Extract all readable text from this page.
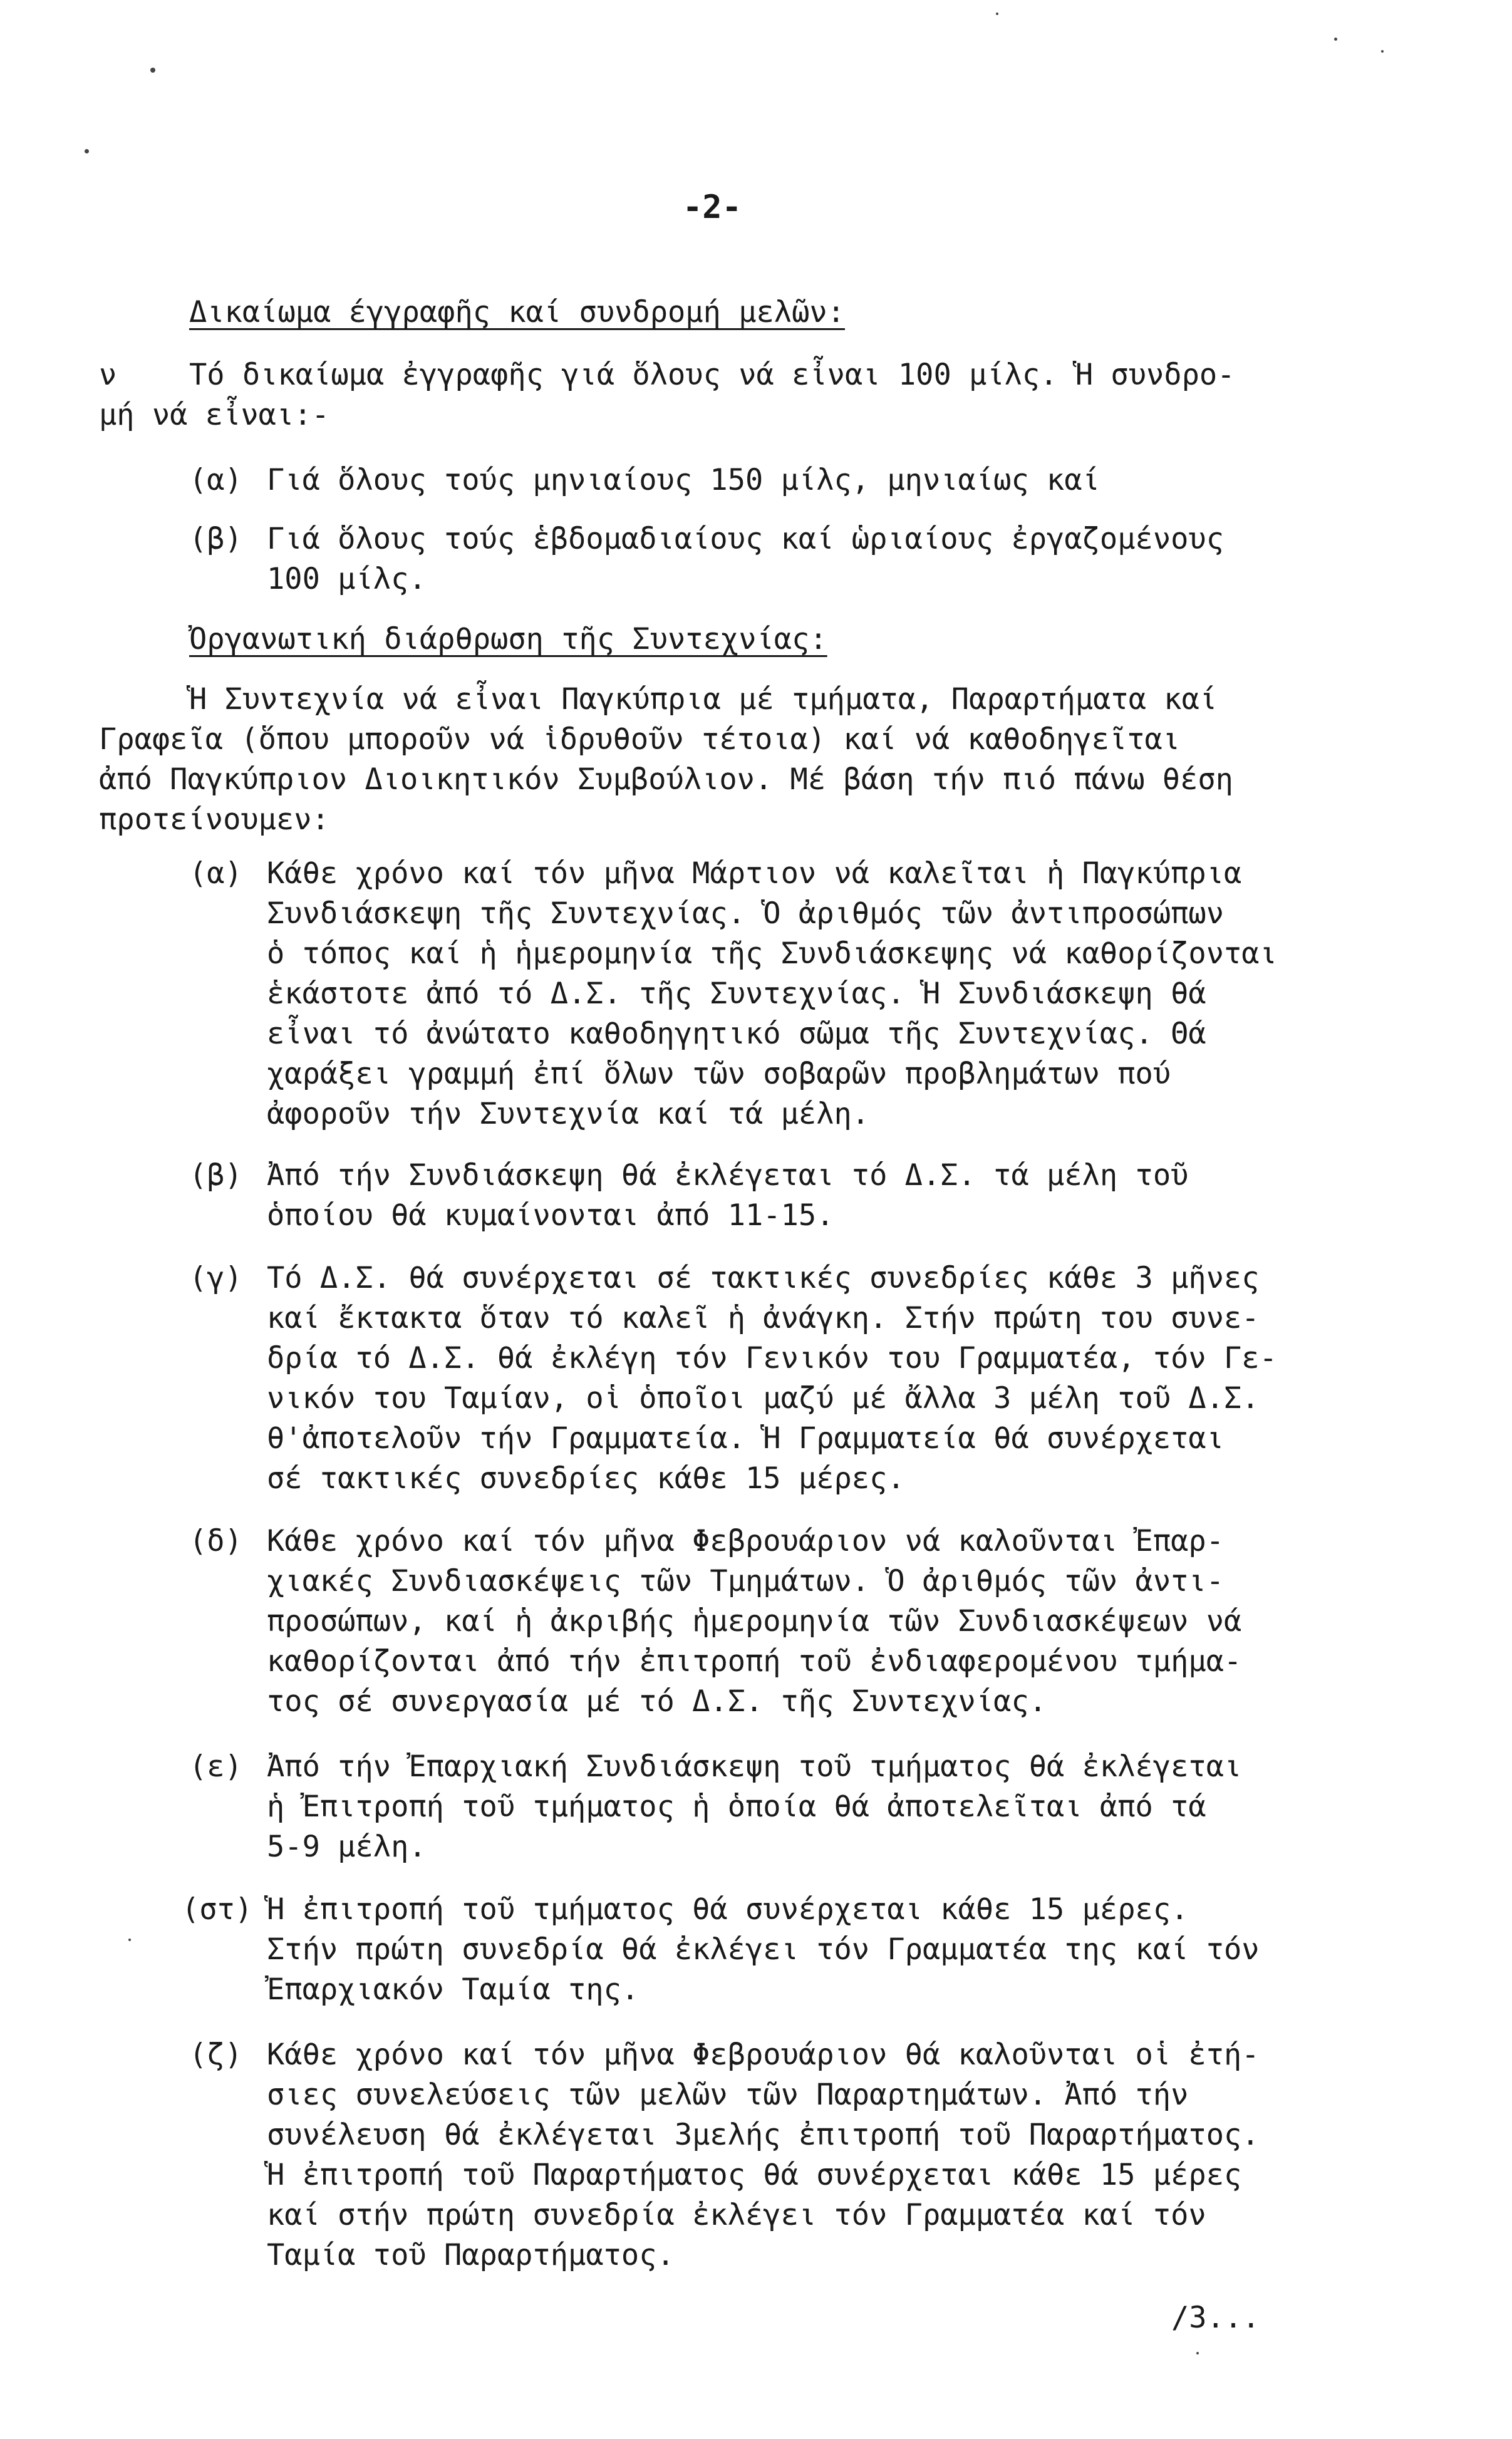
-2-
Δικαίωμα έγγραφῆς καί συνδρομή μελῶν:
ν Τό δικαίωμα ἐγγραφῆς γιά ὅλους νά εἶναι 100 μίλς. Ἡ συνδρο-
μή νά εἶναι:-
(α) Γιά ὅλους τούς μηνιαίους 150 μίλς, μηνιαίως καί
(β) Γιά ὅλους τούς ἑβδομαδιαίους καί ὡριαίους ἐργαζομένους
100 μίλς.
Ὀργανωτική διάρθρωση τῆς Συντεχνίας:
Ἡ Συντεχνία νά εἶναι Παγκύπρια μέ τμήματα, Παραρτήματα καί
Γραφεῖα (ὅπου μποροῦν νά ἱδρυθοῦν τέτοια) καί νά καθοδηγεῖται
ἀπό Παγκύπριον Διοικητικόν Συμβούλιον. Μέ βάση τήν πιό πάνω θέση
προτείνουμεν:
(α) Κάθε χρόνο καί τόν μῆνα Μάρτιον νά καλεῖται ἡ Παγκύπρια
Συνδιάσκεψη τῆς Συντεχνίας. Ὁ ἀριθμός τῶν ἀντιπροσώπων
ὁ τόπος καί ἡ ἡμερομηνία τῆς Συνδιάσκεψης νά καθορίζονται
ἑκάστοτε ἀπό τό Δ.Σ. τῆς Συντεχνίας. Ἡ Συνδιάσκεψη θά
εἶναι τό ἀνώτατο καθοδηγητικό σῶμα τῆς Συντεχνίας. Θά
χαράξει γραμμή ἐπί ὅλων τῶν σοβαρῶν προβλημάτων πού
ἀφοροῦν τήν Συντεχνία καί τά μέλη.
(β) Ἀπό τήν Συνδιάσκεψη θά ἐκλέγεται τό Δ.Σ. τά μέλη τοῦ
ὁποίου θά κυμαίνονται ἀπό 11-15.
(γ) Τό Δ.Σ. θά συνέρχεται σέ τακτικές συνεδρίες κάθε 3 μῆνες
καί ἔκτακτα ὅταν τό καλεῖ ἡ ἀνάγκη. Στήν πρώτη του συνε-
δρία τό Δ.Σ. θά ἐκλέγη τόν Γενικόν του Γραμματέα, τόν Γε-
νικόν του Ταμίαν, οἱ ὁποῖοι μαζύ μέ ἄλλα 3 μέλη τοῦ Δ.Σ.
θ'ἀποτελοῦν τήν Γραμματεία. Ἡ Γραμματεία θά συνέρχεται
σέ τακτικές συνεδρίες κάθε 15 μέρες.
(δ) Κάθε χρόνο καί τόν μῆνα Φεβρουάριον νά καλοῦνται Ἐπαρ-
χιακές Συνδιασκέψεις τῶν Τμημάτων. Ὁ ἀριθμός τῶν ἀντι-
προσώπων, καί ἡ ἀκριβής ἡμερομηνία τῶν Συνδιασκέψεων νά
καθορίζονται ἀπό τήν ἐπιτροπή τοῦ ἐνδιαφερομένου τμήμα-
τος σέ συνεργασία μέ τό Δ.Σ. τῆς Συντεχνίας.
(ε) Ἀπό τήν Ἐπαρχιακή Συνδιάσκεψη τοῦ τμήματος θά ἐκλέγεται
ἡ Ἐπιτροπή τοῦ τμήματος ἡ ὁποία θά ἀποτελεῖται ἀπό τά
5-9 μέλη.
(στ) Ἡ ἐπιτροπή τοῦ τμήματος θά συνέρχεται κάθε 15 μέρες.
Στήν πρώτη συνεδρία θά ἐκλέγει τόν Γραμματέα της καί τόν
Ἐπαρχιακόν Ταμία της.
(ζ) Κάθε χρόνο καί τόν μῆνα Φεβρουάριον θά καλοῦνται οἱ ἐτή-
σιες συνελεύσεις τῶν μελῶν τῶν Παραρτημάτων. Ἀπό τήν
συνέλευση θά ἐκλέγεται 3μελής ἐπιτροπή τοῦ Παραρτήματος.
Ἡ ἐπιτροπή τοῦ Παραρτήματος θά συνέρχεται κάθε 15 μέρες
καί στήν πρώτη συνεδρία ἐκλέγει τόν Γραμματέα καί τόν
Ταμία τοῦ Παραρτήματος.
/3...
